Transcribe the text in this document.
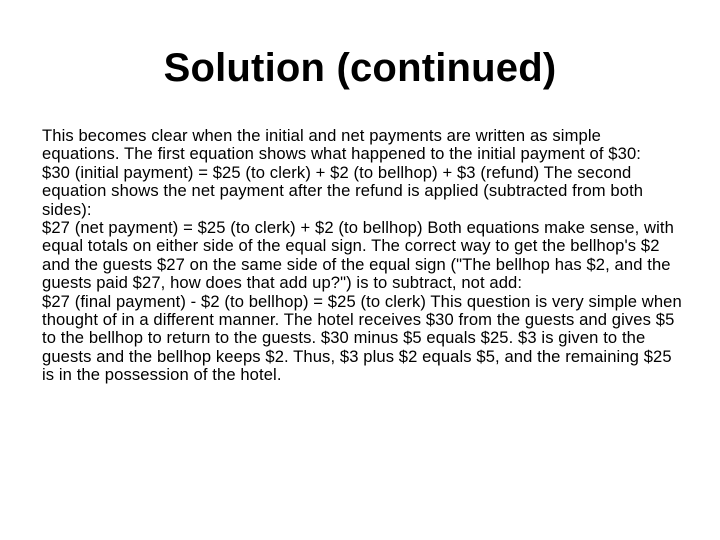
Solution (continued)

This becomes clear when the initial and net payments are written as simple equations. The first equation shows what happened to the initial payment of $30:

$30 (initial payment) = $25 (to clerk) + $2 (to bellhop) + $3 (refund) The second equation shows the net payment after the refund is applied (subtracted from both sides):

$27 (net payment) = $25 (to clerk) + $2 (to bellhop) Both equations make sense, with equal totals on either side of the equal sign. The correct way to get the bellhop's $2 and the guests $27 on the same side of the equal sign ("The bellhop has $2, and the guests paid $27, how does that add up?") is to subtract, not add:

$27 (final payment) - $2 (to bellhop) = $25 (to clerk) This question is very simple when thought of in a different manner. The hotel receives $30 from the guests and gives $5 to the bellhop to return to the guests. $30 minus $5 equals $25. $3 is given to the guests and the bellhop keeps $2. Thus, $3 plus $2 equals $5, and the remaining $25 is in the possession of the hotel.
